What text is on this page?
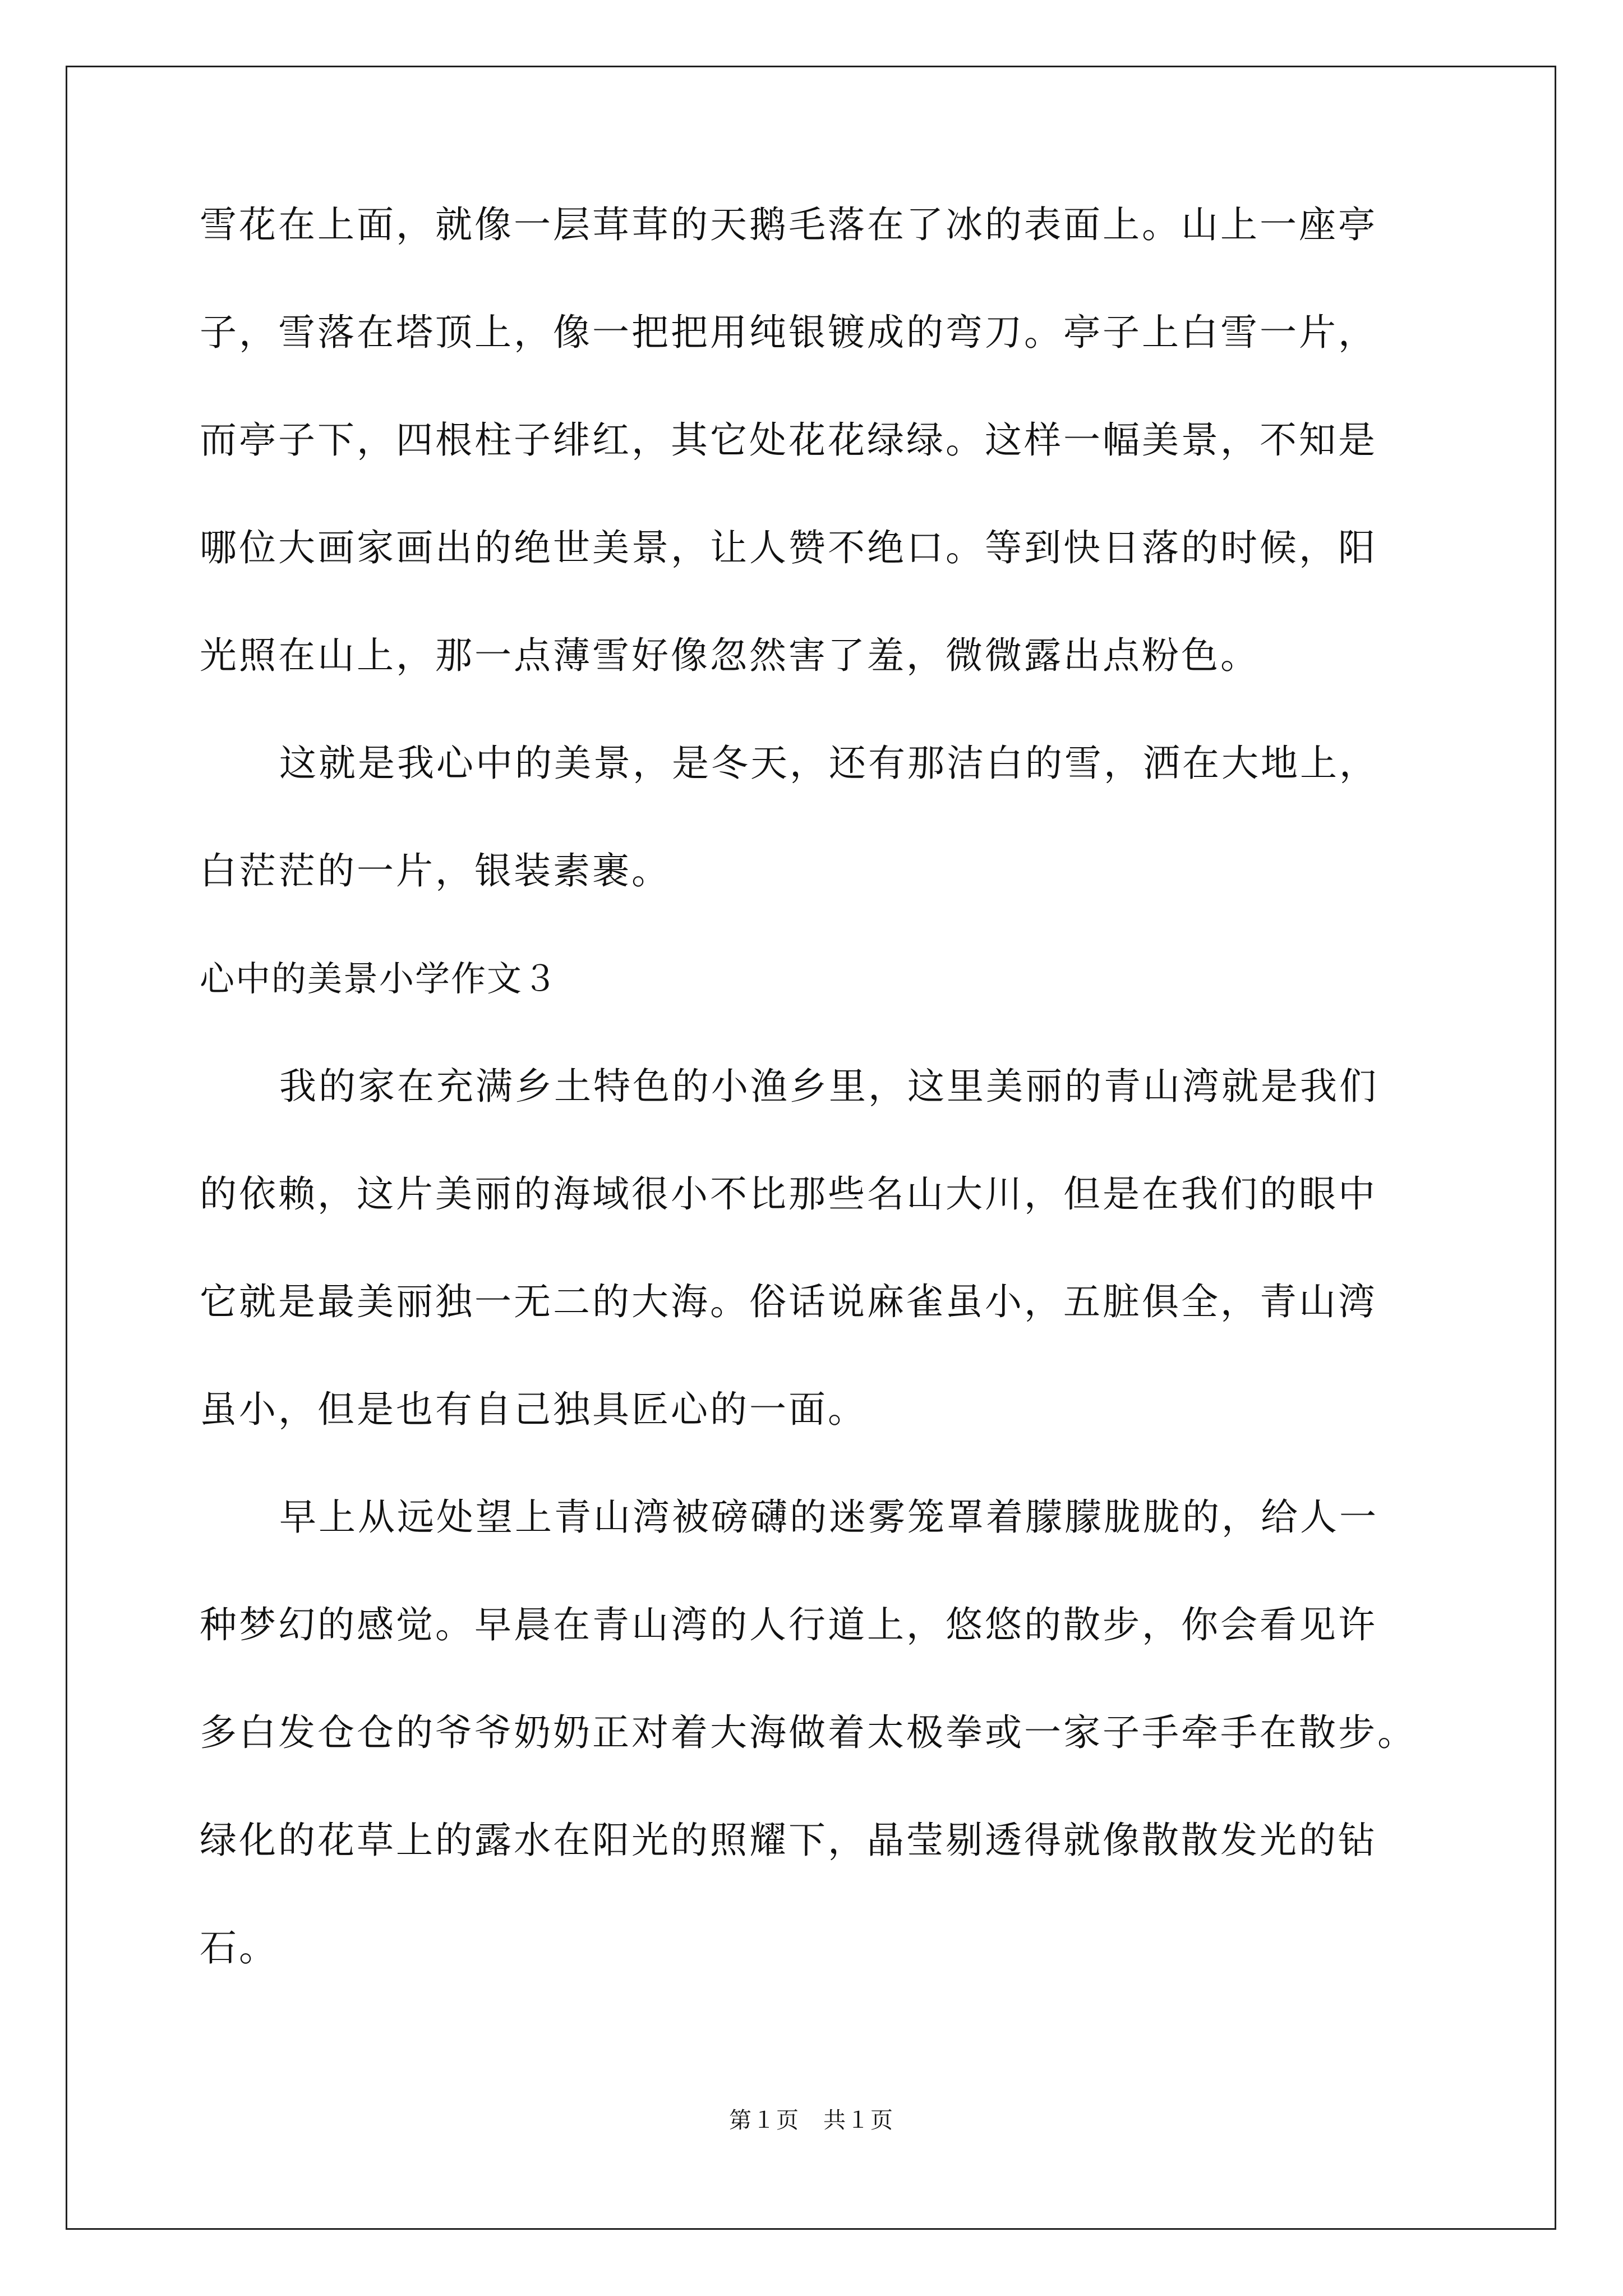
雪花在上面，就像一层茸茸的天鹅毛落在了冰的表面上。山上一座亭
子，雪落在塔顶上，像一把把用纯银镀成的弯刀。亭子上白雪一片，
而亭子下，四根柱子绯红，其它处花花绿绿。这样一幅美景，不知是
哪位大画家画出的绝世美景，让人赞不绝口。等到快日落的时候，阳
光照在山上，那一点薄雪好像忽然害了羞，微微露出点粉色。
这就是我心中的美景，是冬天，还有那洁白的雪，洒在大地上，
白茫茫的一片，银装素裹。
心中的美景小学作文３
我的家在充满乡土特色的小渔乡里，这里美丽的青山湾就是我们
的依赖，这片美丽的海域很小不比那些名山大川，但是在我们的眼中
它就是最美丽独一无二的大海。俗话说麻雀虽小，五脏俱全，青山湾
虽小，但是也有自己独具匠心的一面。
早上从远处望上青山湾被磅礴的迷雾笼罩着朦朦胧胧的，给人一
种梦幻的感觉。早晨在青山湾的人行道上，悠悠的散步，你会看见许
多白发仓仓的爷爷奶奶正对着大海做着太极拳或一家子手牵手在散步。
绿化的花草上的露水在阳光的照耀下，晶莹剔透得就像散散发光的钻
石。
第１页　共１页
